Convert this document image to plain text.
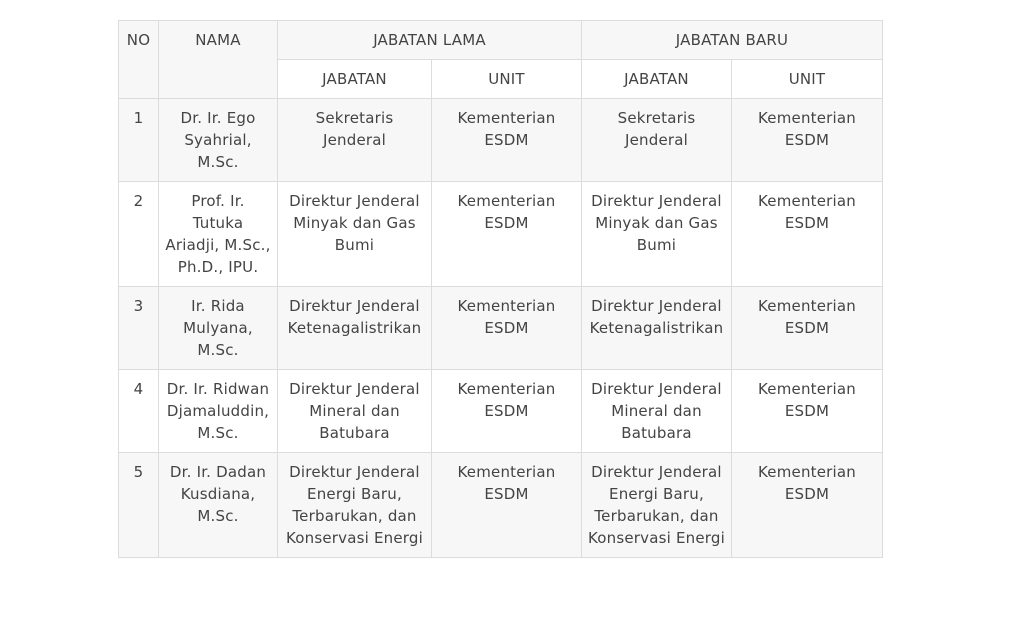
NO	NAMA	JABATAN LAMA		JABATAN BARU	
		JABATAN	UNIT	JABATAN	UNIT
1	Dr. Ir. Ego Syahrial, M.Sc.	Sekretaris Jenderal	Kementerian ESDM	Sekretaris Jenderal	Kementerian ESDM
2	Prof. Ir. Tutuka Ariadji, M.Sc., Ph.D., IPU.	Direktur Jenderal Minyak dan Gas Bumi	Kementerian ESDM	Direktur Jenderal Minyak dan Gas Bumi	Kementerian ESDM
3	Ir. Rida Mulyana, M.Sc.	Direktur Jenderal Ketenagalistrikan	Kementerian ESDM	Direktur Jenderal Ketenagalistrikan	Kementerian ESDM
4	Dr. Ir. Ridwan Djamaluddin, M.Sc.	Direktur Jenderal Mineral dan Batubara	Kementerian ESDM	Direktur Jenderal Mineral dan Batubara	Kementerian ESDM
5	Dr. Ir. Dadan Kusdiana, M.Sc.	Direktur Jenderal Energi Baru, Terbarukan, dan Konservasi Energi	Kementerian ESDM	Direktur Jenderal Energi Baru, Terbarukan, dan Konservasi Energi	Kementerian ESDM
